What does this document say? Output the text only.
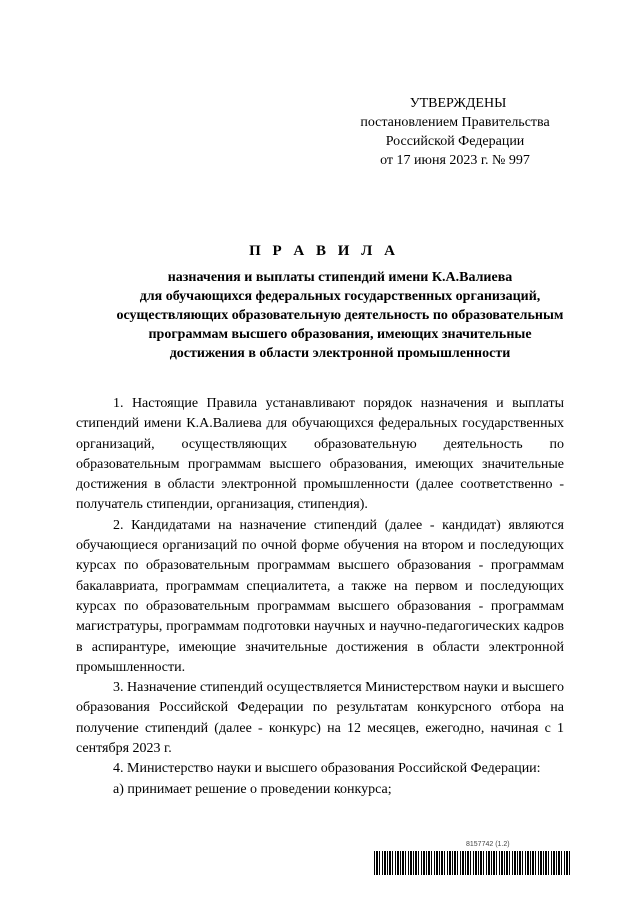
УТВЕРЖДЕНЫ
постановлением Правительства
Российской Федерации
от 17 июня 2023 г. № 997
П Р А В И Л А
назначения и выплаты стипендий имени К.А.Валиева
для обучающихся федеральных государственных организаций,
осуществляющих образовательную деятельность по образовательным
программам высшего образования, имеющих значительные
достижения в области электронной промышленности

1. Настоящие Правила устанавливают порядок назначения и выплаты стипендий имени К.А.Валиева для обучающихся федеральных государственных организаций, осуществляющих образовательную деятельность по образовательным программам высшего образования, имеющих значительные достижения в области электронной промышленности (далее соответственно - получатель стипендии, организация, стипендия).

2. Кандидатами на назначение стипендий (далее - кандидат) являются обучающиеся организаций по очной форме обучения на втором и последующих курсах по образовательным программам высшего образования - программам бакалавриата, программам специалитета, а также на первом и последующих курсах по образовательным программам высшего образования - программам магистратуры, программам подготовки научных и научно-педагогических кадров в аспирантуре, имеющие значительные достижения в области электронной промышленности.

3. Назначение стипендий осуществляется Министерством науки и высшего образования Российской Федерации по результатам конкурсного отбора на получение стипендий (далее - конкурс) на 12 месяцев, ежегодно, начиная с 1 сентября 2023 г.

4. Министерство науки и высшего образования Российской Федерации:

а) принимает решение о проведении конкурса;

8157742 (1.2)
